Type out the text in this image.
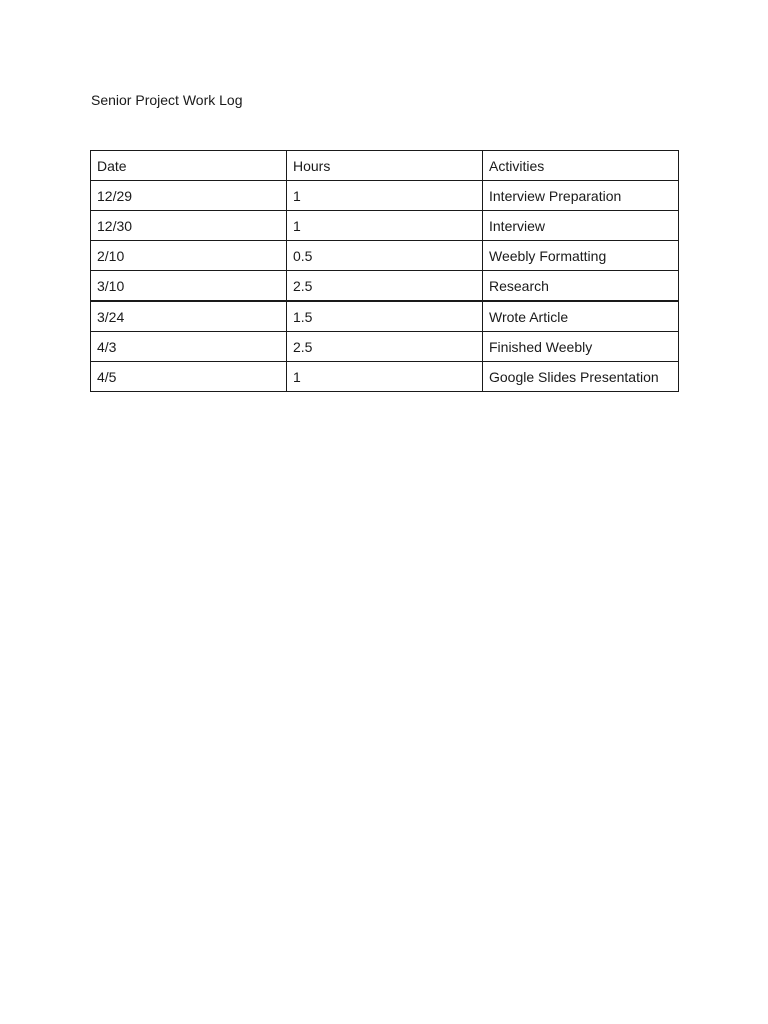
Senior Project Work Log
Date	Hours	Activities
12/29	1	Interview Preparation
12/30	1	Interview
2/10	0.5	Weebly Formatting
3/10	2.5	Research
3/24	1.5	Wrote Article
4/3	2.5	Finished Weebly
4/5	1	Google Slides Presentation
